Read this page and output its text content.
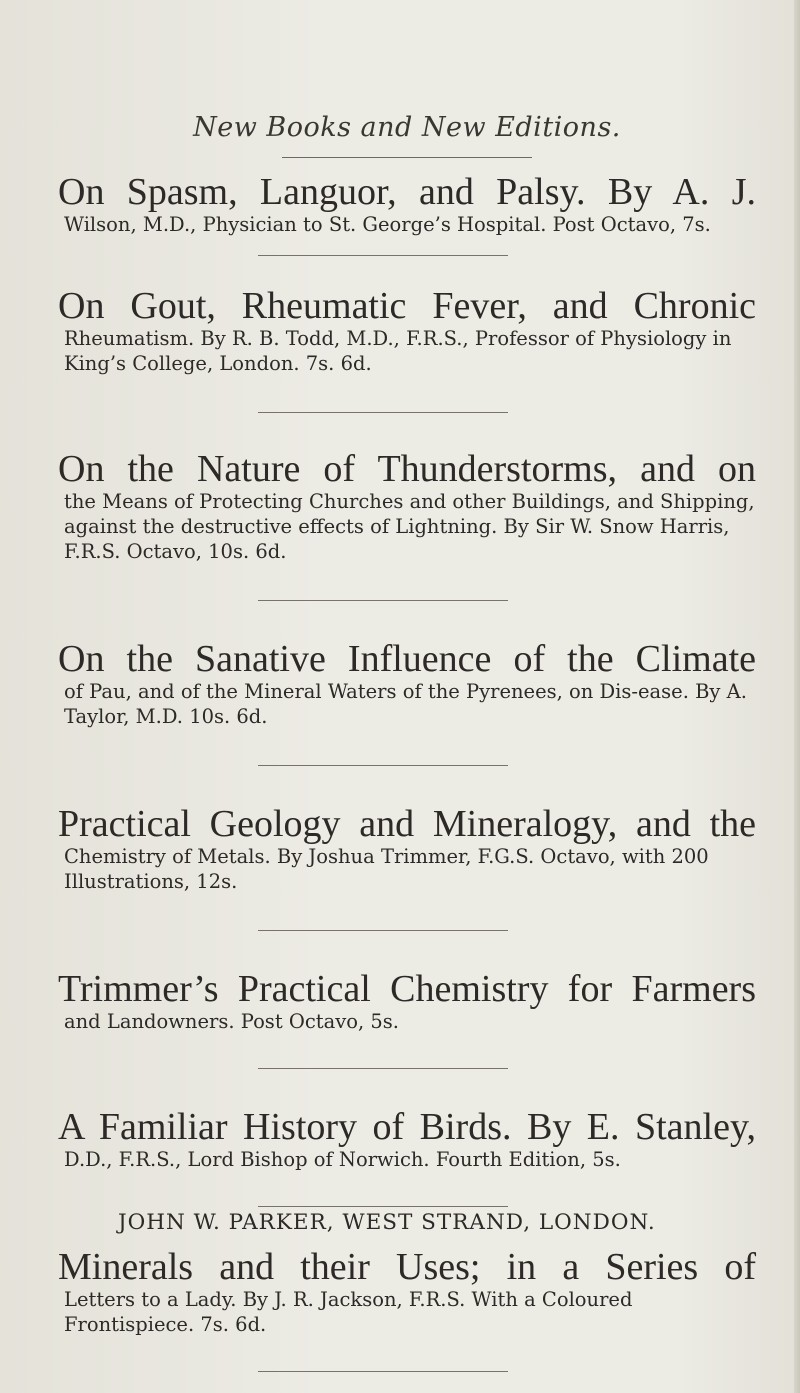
New Books and New Editions.

On Spasm, Languor, and Palsy. By A. J.

Wilson, M.D., Physician to St. George’s Hospital. Post Octavo, 7s.

On Gout, Rheumatic Fever, and Chronic

Rheumatism. By R. B. Todd, M.D., F.R.S., Professor of Physiology in King’s College, London. 7s. 6d.

On the Nature of Thunderstorms, and on

the Means of Protecting Churches and other Buildings, and Shipping, against the destructive effects of Lightning. By Sir W. Snow Harris, F.R.S. Octavo, 10s. 6d.

On the Sanative Influence of the Climate

of Pau, and of the Mineral Waters of the Pyrenees, on Dis-ease. By A. Taylor, M.D. 10s. 6d.

Practical Geology and Mineralogy, and the

Chemistry of Metals. By Joshua Trimmer, F.G.S. Octavo, with 200 Illustrations, 12s.

Trimmer’s Practical Chemistry for Farmers

and Landowners. Post Octavo, 5s.

A Familiar History of Birds. By E. Stanley,

D.D., F.R.S., Lord Bishop of Norwich. Fourth Edition, 5s.

Minerals and their Uses; in a Series of

Letters to a Lady. By J. R. Jackson, F.R.S. With a Coloured Frontispiece. 7s. 6d.

JOHN W. PARKER, WEST STRAND, LONDON.
